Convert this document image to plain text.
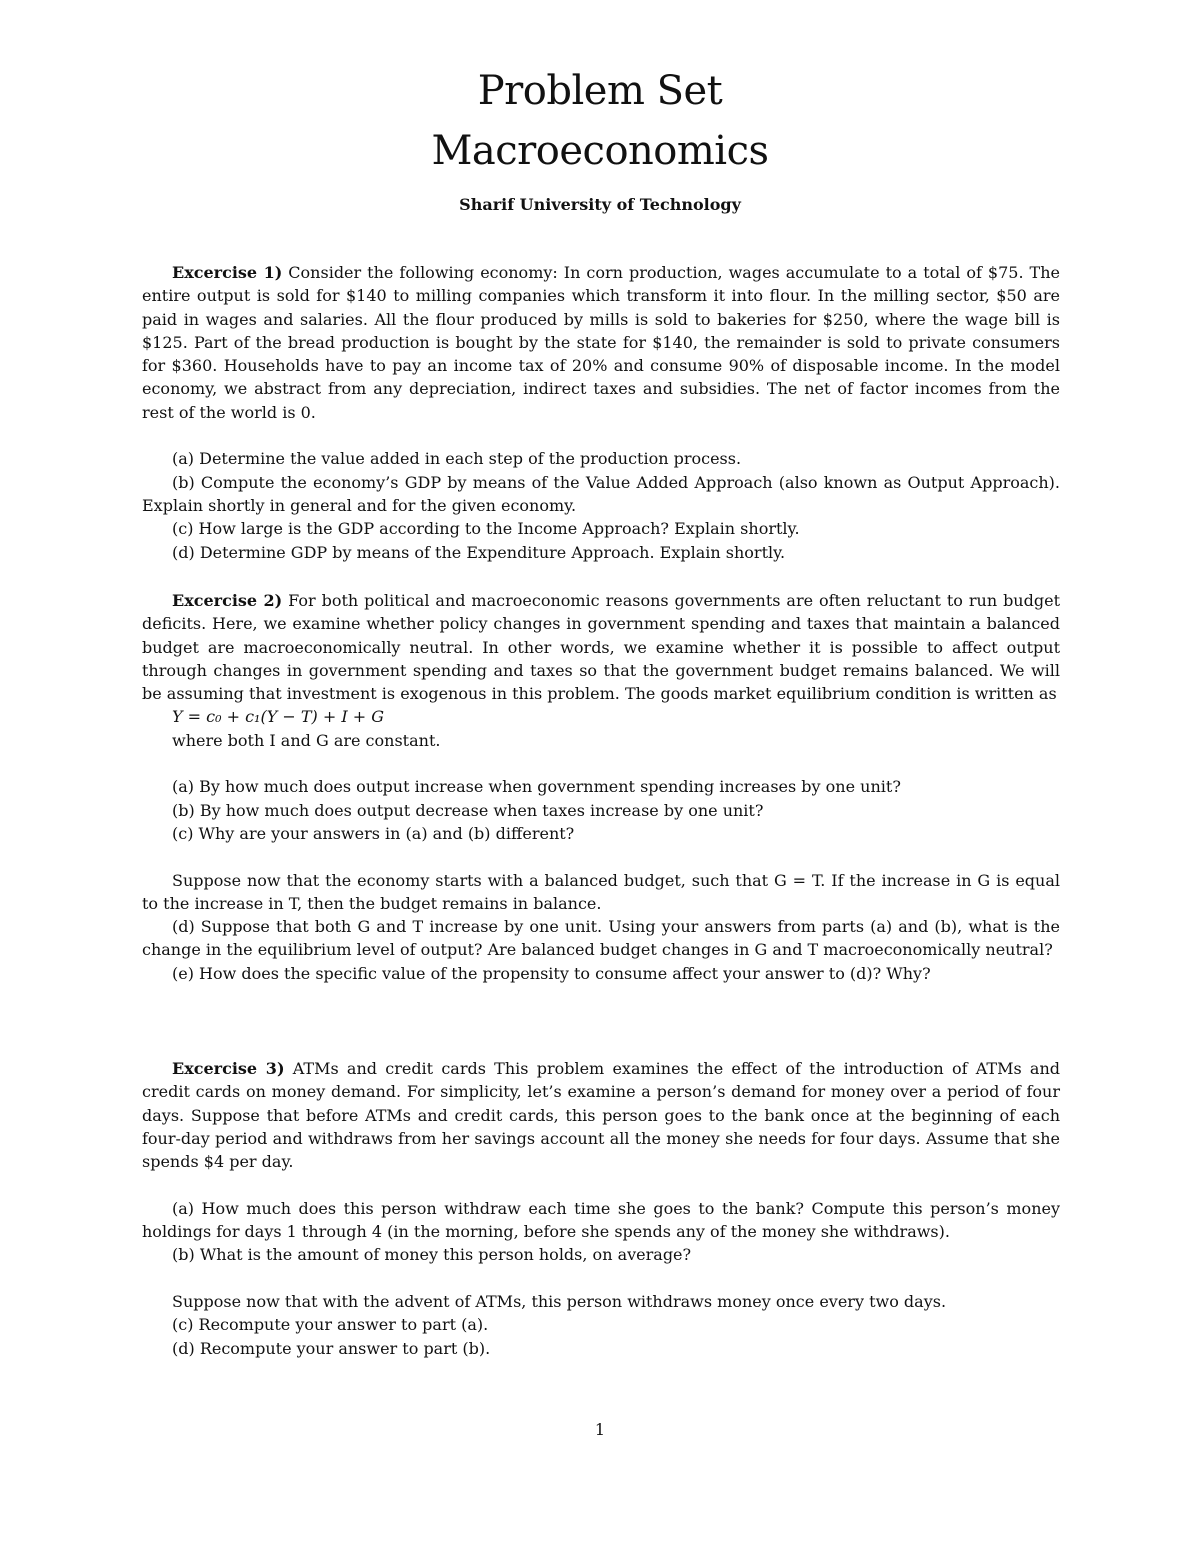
Problem Set
Macroeconomics
Sharif University of Technology

Excercise 1) Consider the following economy: In corn production, wages accumulate to a total of $75. The entire output is sold for $140 to milling companies which transform it into flour. In the milling sector, $50 are paid in wages and salaries. All the flour produced by mills is sold to bakeries for $250, where the wage bill is $125. Part of the bread production is bought by the state for $140, the remainder is sold to private consumers for $360. Households have to pay an income tax of 20% and consume 90% of disposable income. In the model economy, we abstract from any depreciation, indirect taxes and subsidies. The net of factor incomes from the rest of the world is 0.

(a) Determine the value added in each step of the production process.

(b) Compute the economy’s GDP by means of the Value Added Approach (also known as Output Approach). Explain shortly in general and for the given economy.

(c) How large is the GDP according to the Income Approach? Explain shortly.

(d) Determine GDP by means of the Expenditure Approach. Explain shortly.

Excercise 2) For both political and macroeconomic reasons governments are often reluctant to run budget deficits. Here, we examine whether policy changes in government spending and taxes that maintain a balanced budget are macroeconomically neutral. In other words, we examine whether it is possible to affect output through changes in government spending and taxes so that the government budget remains balanced. We will be assuming that investment is exogenous in this problem. The goods market equilibrium condition is written as

Y = c₀ + c₁(Y − T) + I + G

where both I and G are constant.

(a) By how much does output increase when government spending increases by one unit?

(b) By how much does output decrease when taxes increase by one unit?

(c) Why are your answers in (a) and (b) different?

Suppose now that the economy starts with a balanced budget, such that G = T. If the increase in G is equal to the increase in T, then the budget remains in balance.

(d) Suppose that both G and T increase by one unit. Using your answers from parts (a) and (b), what is the change in the equilibrium level of output? Are balanced budget changes in G and T macroeconomically neutral?

(e) How does the specific value of the propensity to consume affect your answer to (d)? Why?

Excercise 3) ATMs and credit cards This problem examines the effect of the introduction of ATMs and credit cards on money demand. For simplicity, let’s examine a person’s demand for money over a period of four days. Suppose that before ATMs and credit cards, this person goes to the bank once at the beginning of each four-day period and withdraws from her savings account all the money she needs for four days. Assume that she spends $4 per day.

(a) How much does this person withdraw each time she goes to the bank? Compute this person’s money holdings for days 1 through 4 (in the morning, before she spends any of the money she withdraws).

(b) What is the amount of money this person holds, on average?

Suppose now that with the advent of ATMs, this person withdraws money once every two days.

(c) Recompute your answer to part (a).

(d) Recompute your answer to part (b).

1
